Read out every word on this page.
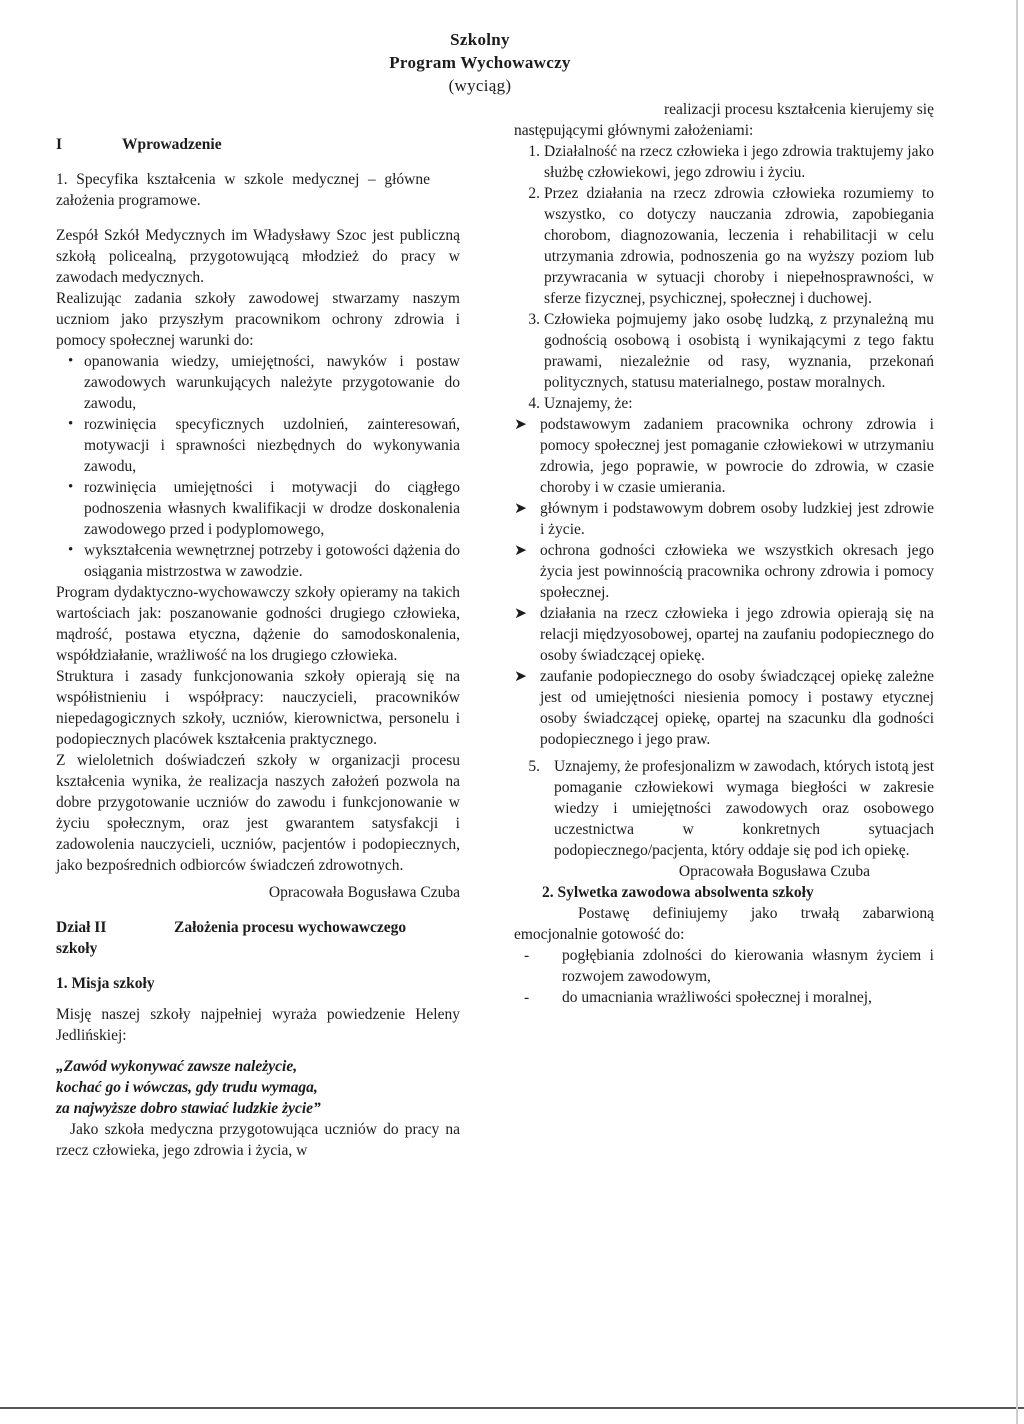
Szkolny
Program Wychowawczy
(wyciąg)
I	Wprowadzenie

1. Specyfika kształcenia w szkole medycznej – główne założenia programowe.

Zespół Szkół Medycznych im Władysławy Szoc jest publiczną szkołą policealną, przygotowującą młodzież do pracy w zawodach medycznych.

Realizując zadania szkoły zawodowej stwarzamy naszym uczniom jako przyszłym pracownikom ochrony zdrowia i pomocy społecznej warunki do:

• opanowania wiedzy, umiejętności, nawyków i postaw zawodowych warunkujących należyte przygotowanie do zawodu,
• rozwinięcia specyficznych uzdolnień, zainteresowań, motywacji i sprawności niezbędnych do wykonywania zawodu,
• rozwinięcia umiejętności i motywacji do ciągłego podnoszenia własnych kwalifikacji w drodze doskonalenia zawodowego przed i podyplomowego,
• wykształcenia wewnętrznej potrzeby i gotowości dążenia do osiągania mistrzostwa w zawodzie.

Program dydaktyczno-wychowawczy szkoły opieramy na takich wartościach jak: poszanowanie godności drugiego człowieka, mądrość, postawa etyczna, dążenie do samodoskonalenia, współdziałanie, wrażliwość na los drugiego człowieka.

Struktura i zasady funkcjonowania szkoły opierają się na współistnieniu i współpracy: nauczycieli, pracowników niepedagogicznych szkoły, uczniów, kierownictwa, personelu i podopiecznych placówek kształcenia praktycznego.

Z wieloletnich doświadczeń szkoły w organizacji procesu kształcenia wynika, że realizacja naszych założeń pozwola na dobre przygotowanie uczniów do zawodu i funkcjonowanie w życiu społecznym, oraz jest gwarantem satysfakcji i zadowolenia nauczycieli, uczniów, pacjentów i podopiecznych, jako bezpośrednich odbiorców świadczeń zdrowotnych.

Opracowała Bogusława Czuba

Dział II	Założenia procesu wychowawczego

szkoły

1. Misja szkoły

Misję naszej szkoły najpełniej wyraża powiedzenie Heleny Jedlińskiej:

„Zawód wykonywać zawsze należycie,

kochać go i wówczas, gdy trudu wymaga,

za najwyższe dobro stawiać ludzkie życie”

Jako szkoła medyczna przygotowująca uczniów do pracy na rzecz człowieka, jego zdrowia i życia, w

realizacji procesu kształcenia kierujemy się następującymi głównymi założeniami:

1. Działalność na rzecz człowieka i jego zdrowia traktujemy jako służbę człowiekowi, jego zdrowiu i życiu.
2. Przez działania na rzecz zdrowia człowieka rozumiemy to wszystko, co dotyczy nauczania zdrowia, zapobiegania chorobom, diagnozowania, leczenia i rehabilitacji w celu utrzymania zdrowia, podnoszenia go na wyższy poziom lub przywracania w sytuacji choroby i niepełnosprawności, w sferze fizycznej, psychicznej, społecznej i duchowej.
3. Człowieka pojmujemy jako osobę ludzką, z przynależną mu godnością osobową i osobistą i wynikającymi z tego faktu prawami, niezależnie od rasy, wyznania, przekonań politycznych, statusu materialnego, postaw moralnych.
4. Uznajemy, że:
➤ podstawowym zadaniem pracownika ochrony zdrowia i pomocy społecznej jest pomaganie człowiekowi w utrzymaniu zdrowia, jego poprawie, w powrocie do zdrowia, w czasie choroby i w czasie umierania.
➤ głównym i podstawowym dobrem osoby ludzkiej jest zdrowie i życie.
➤ ochrona godności człowieka we wszystkich okresach jego życia jest powinnością pracownika ochrony zdrowia i pomocy społecznej.
➤ działania na rzecz człowieka i jego zdrowia opierają się na relacji międzyosobowej, opartej na zaufaniu podopiecznego do osoby świadczącej opiekę.
➤ zaufanie podopiecznego do osoby świadczącej opiekę zależne jest od umiejętności niesienia pomocy i postawy etycznej osoby świadczącej opiekę, opartej na szacunku dla godności podopiecznego i jego praw.
5. Uznajemy, że profesjonalizm w zawodach, których istotą jest pomaganie człowiekowi wymaga biegłości w zakresie wiedzy i umiejętności zawodowych oraz osobowego uczestnictwa w konkretnych sytuacjach podopiecznego/pacjenta, który oddaje się pod ich opiekę.

Opracowała Bogusława Czuba

2. Sylwetka zawodowa absolwenta szkoły

Postawę definiujemy jako trwałą zabarwioną emocjonalnie gotowość do:

-	pogłębiania zdolności do kierowania własnym życiem i rozwojem zawodowym,
-	do umacniania wrażliwości społecznej i moralnej,
